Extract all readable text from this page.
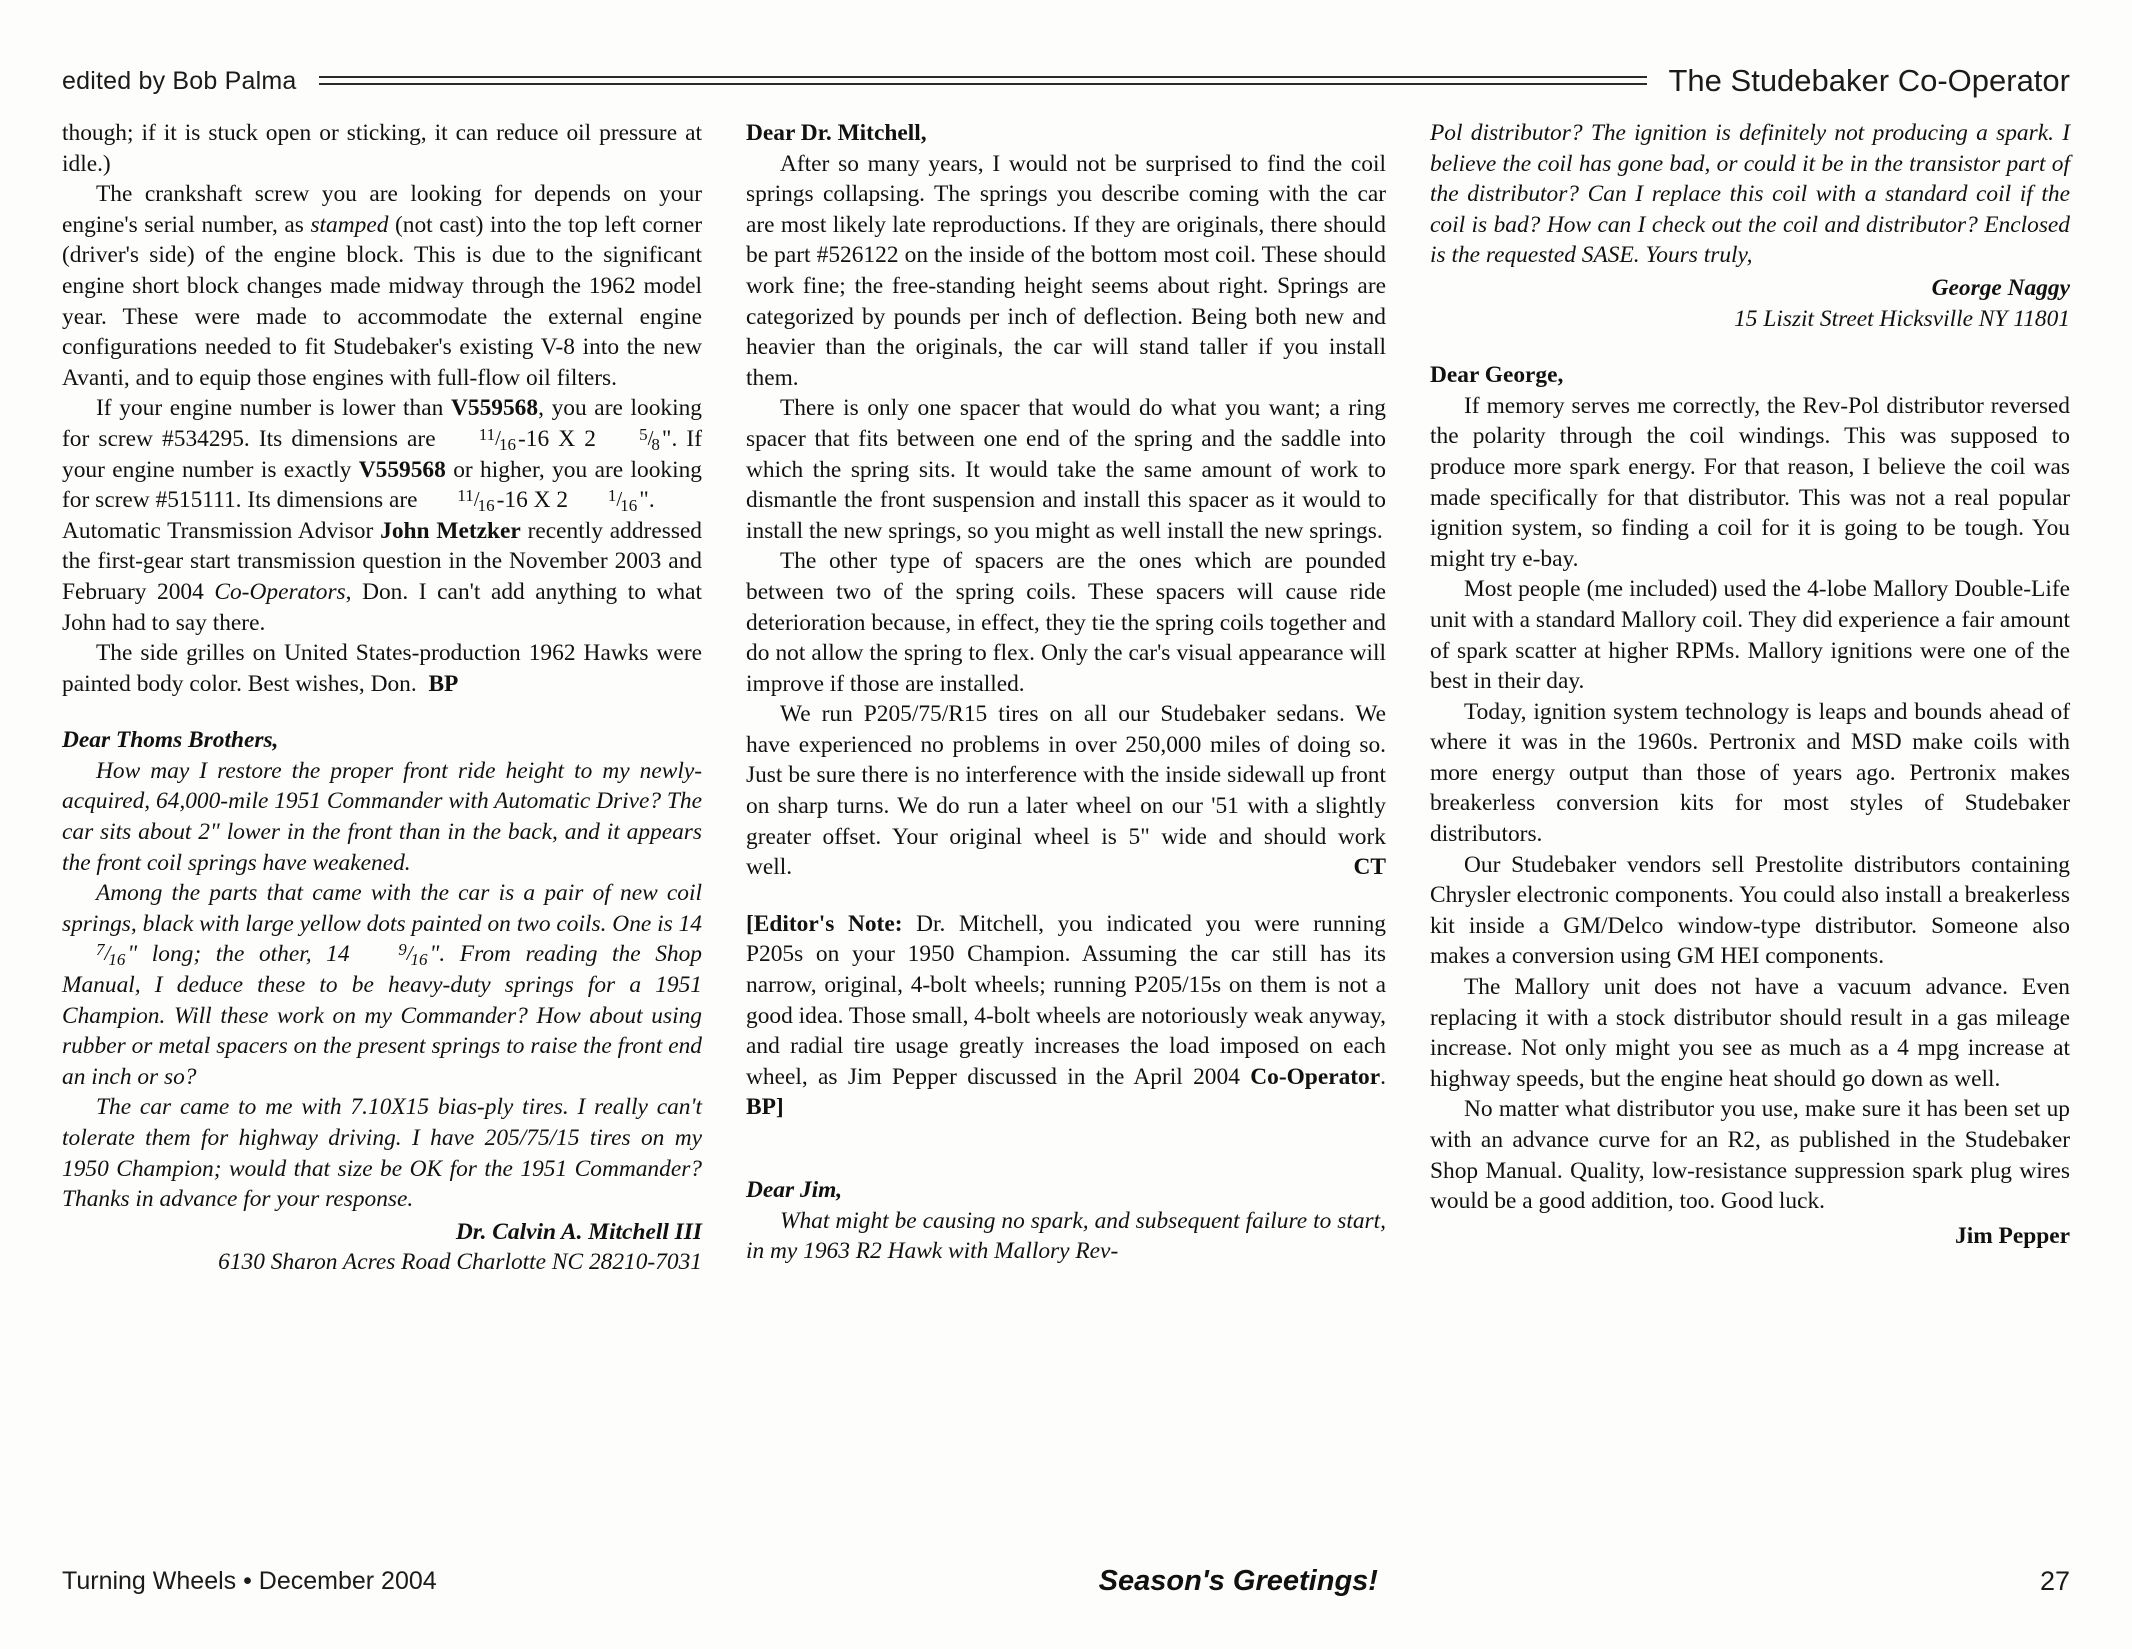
edited by Bob Palma	The Studebaker Co-Operator

though; if it is stuck open or sticking, it can reduce oil pressure at idle.)

The crankshaft screw you are looking for depends on your engine's serial number, as stamped (not cast) into the top left corner (driver's side) of the engine block. This is due to the significant engine short block changes made midway through the 1962 model year. These were made to accommodate the external engine configurations needed to fit Studebaker's existing V-8 into the new Avanti, and to equip those engines with full-flow oil filters.

If your engine number is lower than V559568, you are looking for screw #534295. Its dimensions are 11/16-16 X 2 5/8". If your engine number is exactly V559568 or higher, you are looking for screw #515111. Its dimensions are 11/16-16 X 2 1/16".

Automatic Transmission Advisor John Metzker recently addressed the first-gear start transmission question in the November 2003 and February 2004 Co-Operators, Don. I can't add anything to what John had to say there.

The side grilles on United States-production 1962 Hawks were painted body color. Best wishes, Don. BP

Dear Thoms Brothers,

How may I restore the proper front ride height to my newly-acquired, 64,000-mile 1951 Commander with Automatic Drive? The car sits about 2" lower in the front than in the back, and it appears the front coil springs have weakened.

Among the parts that came with the car is a pair of new coil springs, black with large yellow dots painted on two coils. One is 14 7/16" long; the other, 14 9/16". From reading the Shop Manual, I deduce these to be heavy-duty springs for a 1951 Champion. Will these work on my Commander? How about using rubber or metal spacers on the present springs to raise the front end an inch or so?

The car came to me with 7.10X15 bias-ply tires. I really can't tolerate them for highway driving. I have 205/75/15 tires on my 1950 Champion; would that size be OK for the 1951 Commander? Thanks in advance for your response.

Dr. Calvin A. Mitchell III

6130 Sharon Acres Road Charlotte NC 28210-7031

Dear Dr. Mitchell,

After so many years, I would not be surprised to find the coil springs collapsing. The springs you describe coming with the car are most likely late reproductions. If they are originals, there should be part #526122 on the inside of the bottom most coil. These should work fine; the free-standing height seems about right. Springs are categorized by pounds per inch of deflection. Being both new and heavier than the originals, the car will stand taller if you install them.

There is only one spacer that would do what you want; a ring spacer that fits between one end of the spring and the saddle into which the spring sits. It would take the same amount of work to dismantle the front suspension and install this spacer as it would to install the new springs, so you might as well install the new springs.

The other type of spacers are the ones which are pounded between two of the spring coils. These spacers will cause ride deterioration because, in effect, they tie the spring coils together and do not allow the spring to flex. Only the car's visual appearance will improve if those are installed.

We run P205/75/R15 tires on all our Studebaker sedans. We have experienced no problems in over 250,000 miles of doing so. Just be sure there is no interference with the inside sidewall up front on sharp turns. We do run a later wheel on our '51 with a slightly greater offset. Your original wheel is 5" wide and should work well.	CT

[Editor's Note: Dr. Mitchell, you indicated you were running P205s on your 1950 Champion. Assuming the car still has its narrow, original, 4-bolt wheels; running P205/15s on them is not a good idea. Those small, 4-bolt wheels are notoriously weak anyway, and radial tire usage greatly increases the load imposed on each wheel, as Jim Pepper discussed in the April 2004 Co-Operator. BP]

Dear Jim,

What might be causing no spark, and subsequent failure to start, in my 1963 R2 Hawk with Mallory Rev-

Pol distributor? The ignition is definitely not producing a spark. I believe the coil has gone bad, or could it be in the transistor part of the distributor? Can I replace this coil with a standard coil if the coil is bad? How can I check out the coil and distributor? Enclosed is the requested SASE. Yours truly,

George Naggy

15 Liszit Street Hicksville NY 11801

Dear George,

If memory serves me correctly, the Rev-Pol distributor reversed the polarity through the coil windings. This was supposed to produce more spark energy. For that reason, I believe the coil was made specifically for that distributor. This was not a real popular ignition system, so finding a coil for it is going to be tough. You might try e-bay.

Most people (me included) used the 4-lobe Mallory Double-Life unit with a standard Mallory coil. They did experience a fair amount of spark scatter at higher RPMs. Mallory ignitions were one of the best in their day.

Today, ignition system technology is leaps and bounds ahead of where it was in the 1960s. Pertronix and MSD make coils with more energy output than those of years ago. Pertronix makes breakerless conversion kits for most styles of Studebaker distributors.

Our Studebaker vendors sell Prestolite distributors containing Chrysler electronic components. You could also install a breakerless kit inside a GM/Delco window-type distributor. Someone also makes a conversion using GM HEI components.

The Mallory unit does not have a vacuum advance. Even replacing it with a stock distributor should result in a gas mileage increase. Not only might you see as much as a 4 mpg increase at highway speeds, but the engine heat should go down as well.

No matter what distributor you use, make sure it has been set up with an advance curve for an R2, as published in the Studebaker Shop Manual. Quality, low-resistance suppression spark plug wires would be a good addition, too. Good luck.

Jim Pepper

Turning Wheels • December 2004	Season's Greetings!	27
